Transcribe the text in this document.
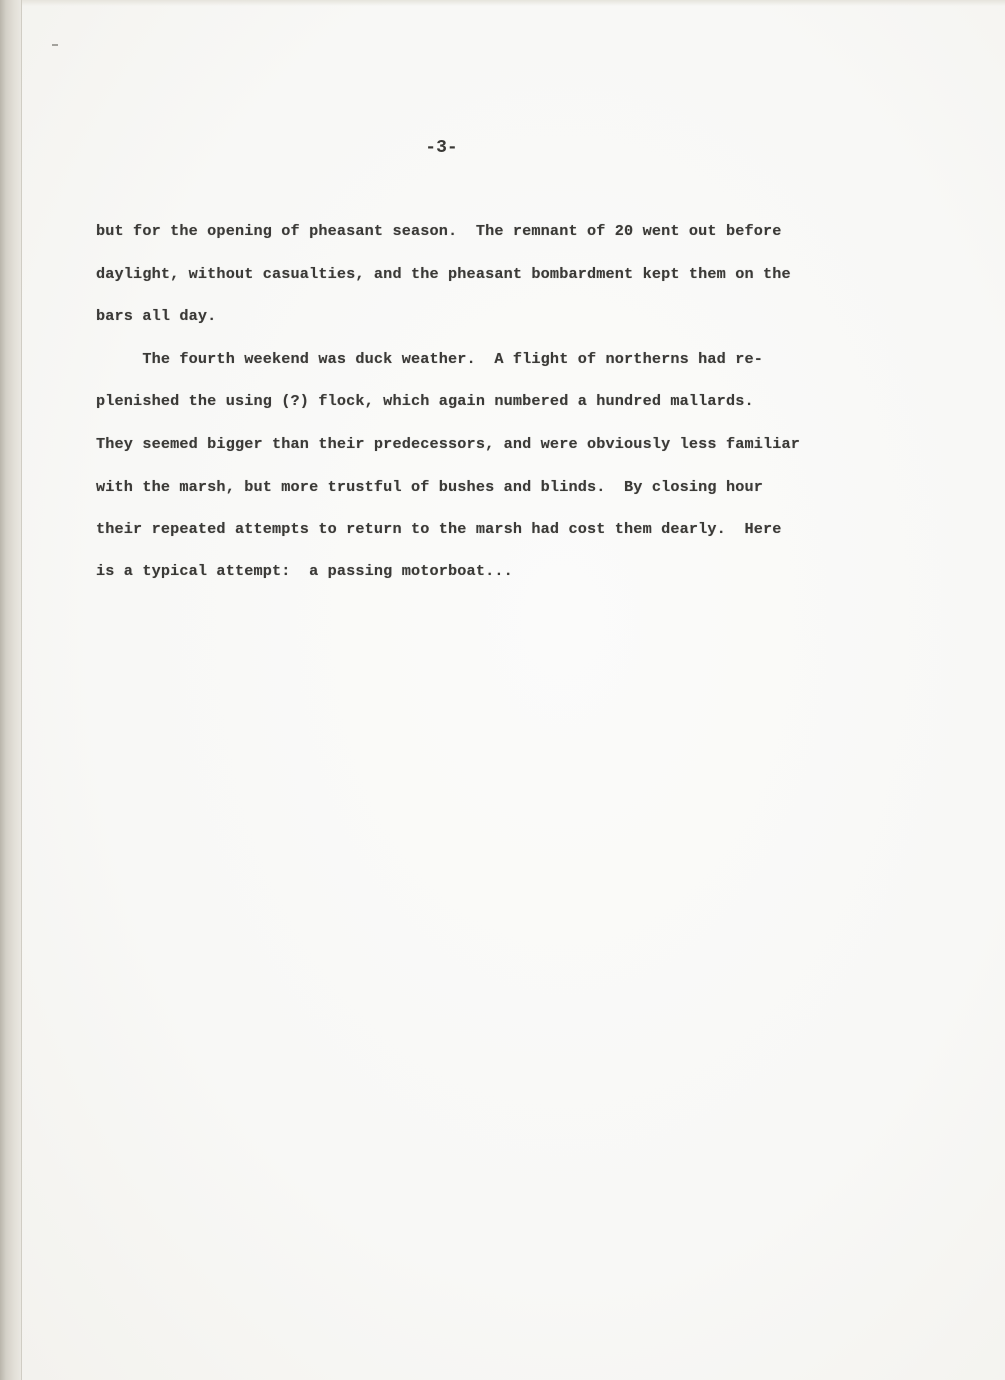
-3-

but for the opening of pheasant season.  The remnant of 20 went out before

daylight, without casualties, and the pheasant bombardment kept them on the

bars all day.

The fourth weekend was duck weather.  A flight of northerns had re-

plenished the using (?) flock, which again numbered a hundred mallards.

They seemed bigger than their predecessors, and were obviously less familiar

with the marsh, but more trustful of bushes and blinds.  By closing hour

their repeated attempts to return to the marsh had cost them dearly.  Here

is a typical attempt:  a passing motorboat...
